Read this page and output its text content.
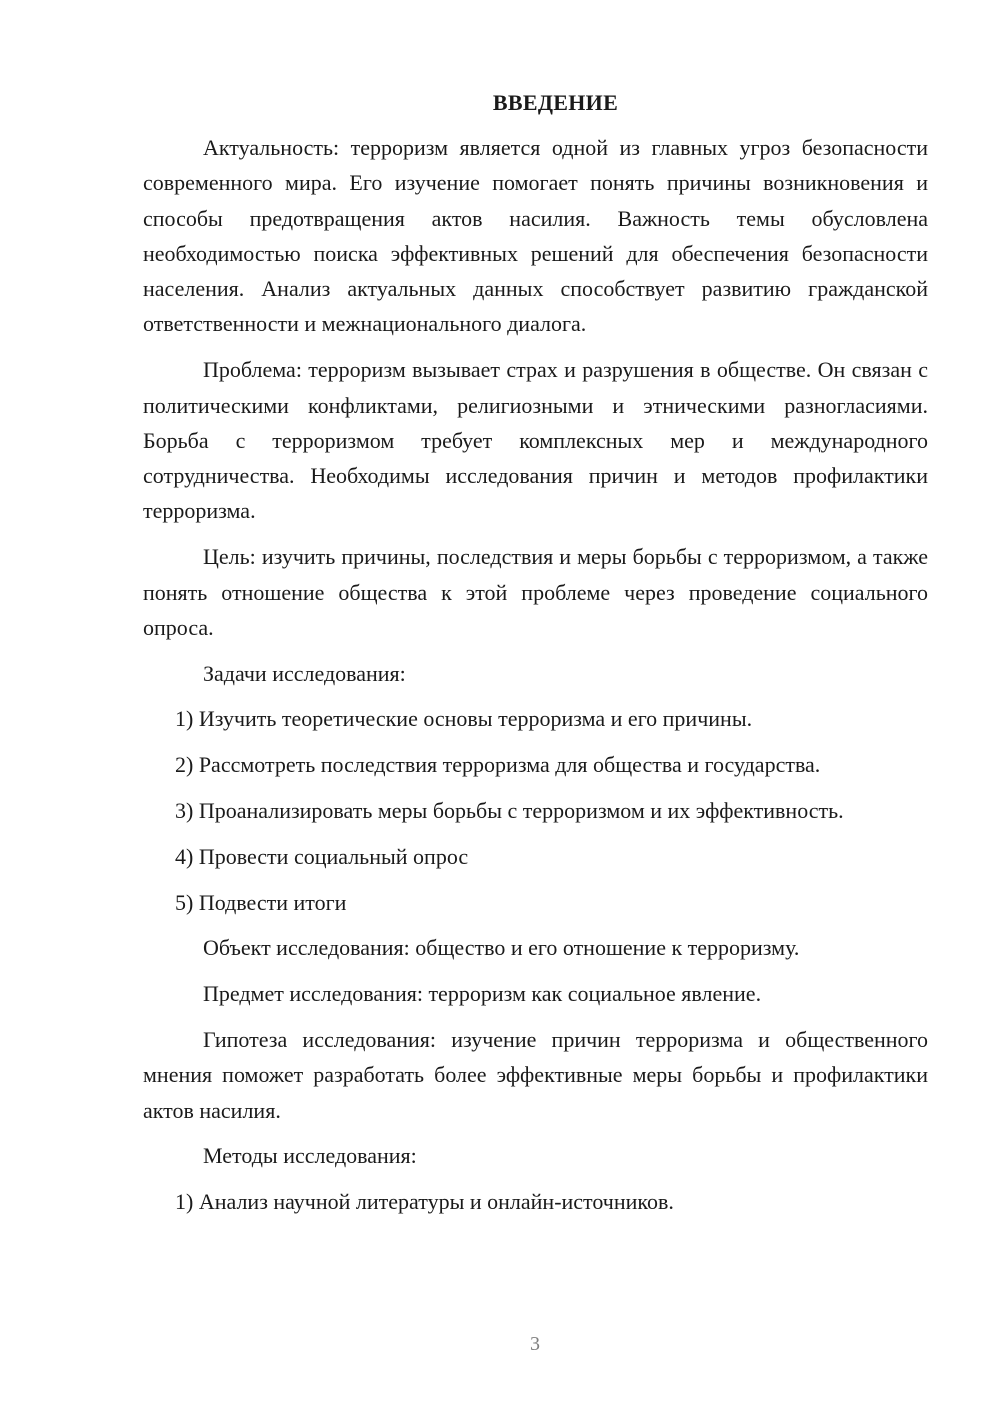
ВВЕДЕНИЕ

Актуальность: терроризм является одной из главных угроз безопасности современного мира. Его изучение помогает понять причины возникновения и способы предотвращения актов насилия. Важность темы обусловлена необходимостью поиска эффективных решений для обеспечения безопасности населения. Анализ актуальных данных способствует развитию гражданской ответственности и межнационального диалога.

Проблема: терроризм вызывает страх и разрушения в обществе. Он связан с политическими конфликтами, религиозными и этническими разногласиями. Борьба с терроризмом требует комплексных мер и международного сотрудничества. Необходимы исследования причин и методов профилактики терроризма.

Цель: изучить причины, последствия и меры борьбы с терроризмом, а также понять отношение общества к этой проблеме через проведение социального опроса.

Задачи исследования:

1) Изучить теоретические основы терроризма и его причины.

2) Рассмотреть последствия терроризма для общества и государства.

3) Проанализировать меры борьбы с терроризмом и их эффективность.

4) Провести социальный опрос

5) Подвести итоги

Объект исследования: общество и его отношение к терроризму.

Предмет исследования: терроризм как социальное явление.

Гипотеза исследования: изучение причин терроризма и общественного мнения поможет разработать более эффективные меры борьбы и профилактики актов насилия.

Методы исследования:

1) Анализ научной литературы и онлайн-источников.

3
